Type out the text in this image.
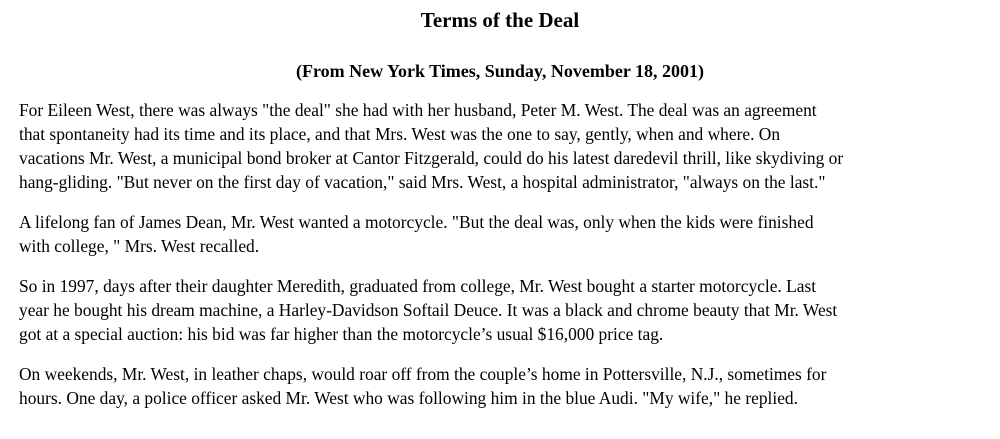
Terms of the Deal
(From New York Times, Sunday, November 18, 2001)

For Eileen West, there was always "the deal" she had with her husband, Peter M. West. The deal was an agreement
that spontaneity had its time and its place, and that Mrs. West was the one to say, gently, when and where. On
vacations Mr. West, a municipal bond broker at Cantor Fitzgerald, could do his latest daredevil thrill, like skydiving or
hang-gliding. "But never on the first day of vacation," said Mrs. West, a hospital administrator, "always on the last."

A lifelong fan of James Dean, Mr. West wanted a motorcycle. "But the deal was, only when the kids were finished
with college, " Mrs. West recalled.

So in 1997, days after their daughter Meredith, graduated from college, Mr. West bought a starter motorcycle. Last
year he bought his dream machine, a Harley-Davidson Softail Deuce. It was a black and chrome beauty that Mr. West
got at a special auction: his bid was far higher than the motorcycle’s usual $16,000 price tag.

On weekends, Mr. West, in leather chaps, would roar off from the couple’s home in Pottersville, N.J., sometimes for
hours. One day, a police officer asked Mr. West who was following him in the blue Audi. "My wife," he replied.
